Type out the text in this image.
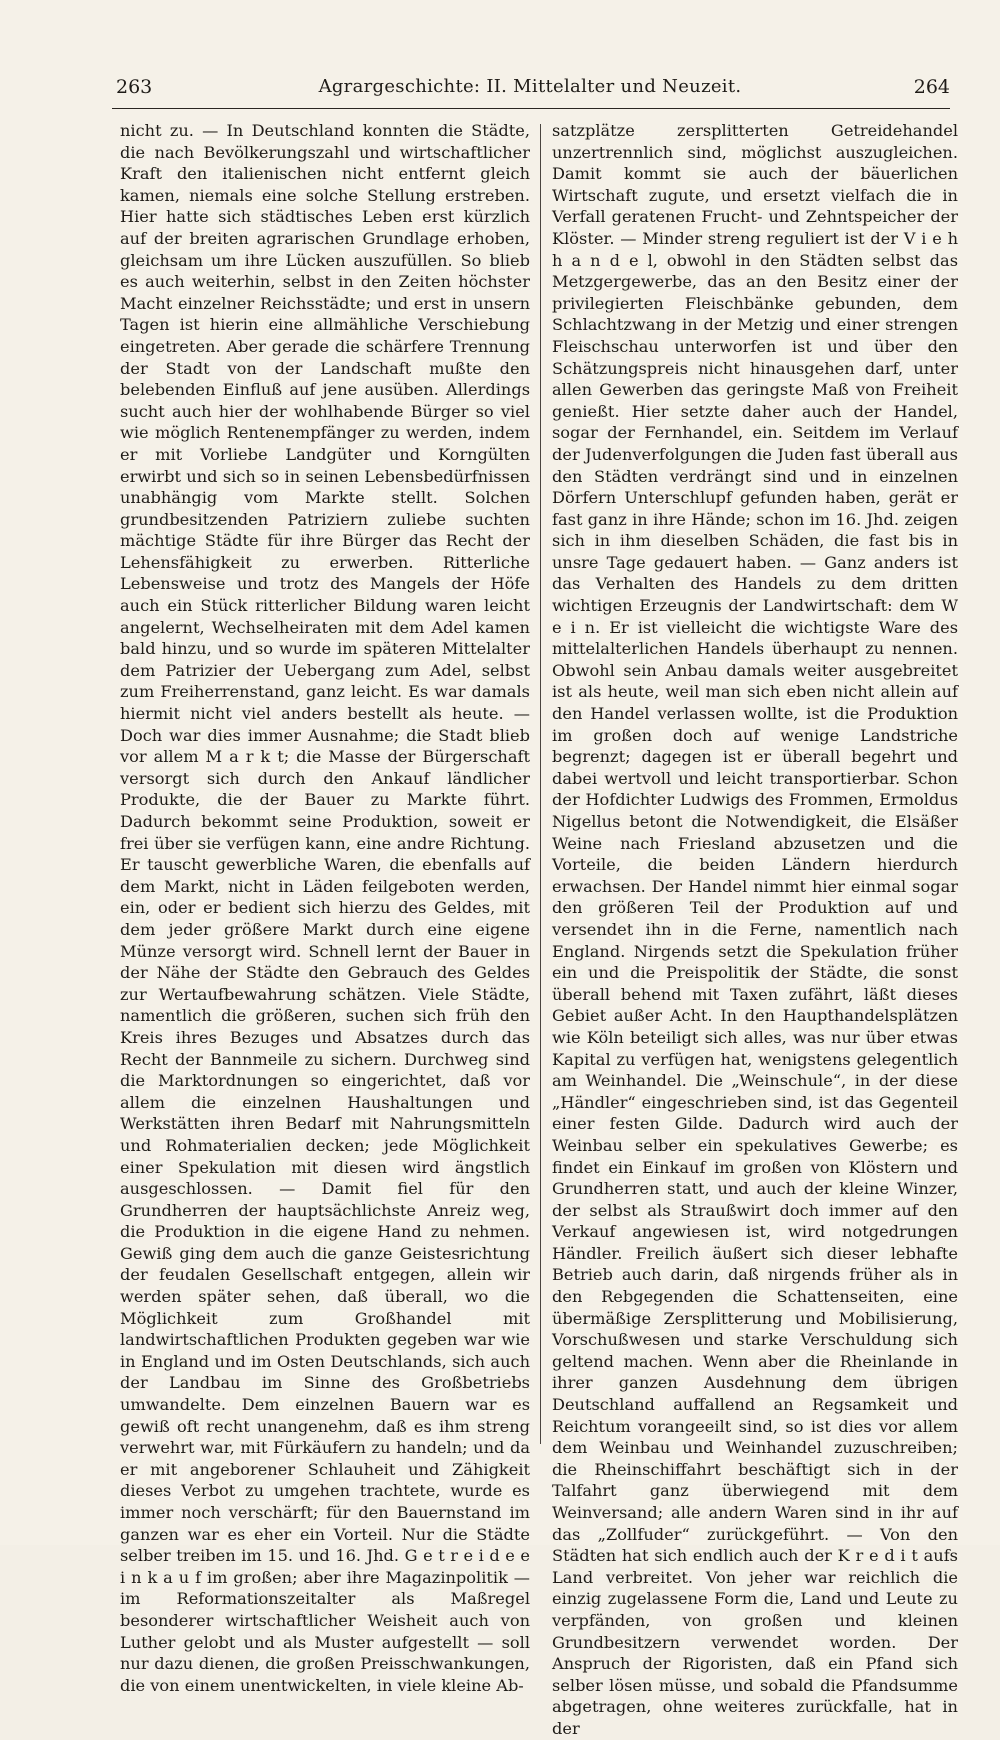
263	Agrargeschichte: II. Mittelalter und Neuzeit.	264

nicht zu. — In Deutschland konnten die Städte, die nach Bevölkerungszahl und wirtschaftlicher Kraft den italienischen nicht entfernt gleich kamen, niemals eine solche Stellung erstreben. Hier hatte sich städtisches Leben erst kürzlich auf der breiten agrarischen Grundlage erhoben, gleichsam um ihre Lücken auszufüllen. So blieb es auch weiterhin, selbst in den Zeiten höchster Macht einzelner Reichsstädte; und erst in unsern Tagen ist hierin eine allmähliche Verschiebung eingetreten. Aber gerade die schärfere Trennung der Stadt von der Landschaft mußte den belebenden Einfluß auf jene ausüben. Allerdings sucht auch hier der wohlhabende Bürger so viel wie möglich Rentenempfänger zu werden, indem er mit Vorliebe Landgüter und Korngülten erwirbt und sich so in seinen Lebensbedürfnissen unabhängig vom Markte stellt. Solchen grundbesitzenden Patriziern zuliebe suchten mächtige Städte für ihre Bürger das Recht der Lehensfähigkeit zu erwerben. Ritterliche Lebensweise und trotz des Mangels der Höfe auch ein Stück ritterlicher Bildung waren leicht angelernt, Wechselheiraten mit dem Adel kamen bald hinzu, und so wurde im späteren Mittelalter dem Patrizier der Uebergang zum Adel, selbst zum Freiherrenstand, ganz leicht. Es war damals hiermit nicht viel anders bestellt als heute. — Doch war dies immer Ausnahme; die Stadt blieb vor allem M a r k t; die Masse der Bürgerschaft versorgt sich durch den Ankauf ländlicher Produkte, die der Bauer zu Markte führt. Dadurch bekommt seine Produktion, soweit er frei über sie verfügen kann, eine andre Richtung. Er tauscht gewerbliche Waren, die ebenfalls auf dem Markt, nicht in Läden feilgeboten werden, ein, oder er bedient sich hierzu des Geldes, mit dem jeder größere Markt durch eine eigene Münze versorgt wird. Schnell lernt der Bauer in der Nähe der Städte den Gebrauch des Geldes zur Wertaufbewahrung schätzen. Viele Städte, namentlich die größeren, suchen sich früh den Kreis ihres Bezuges und Absatzes durch das Recht der Bannmeile zu sichern. Durchweg sind die Marktordnungen so eingerichtet, daß vor allem die einzelnen Haushaltungen und Werkstätten ihren Bedarf mit Nahrungsmitteln und Rohmaterialien decken; jede Möglichkeit einer Spekulation mit diesen wird ängstlich ausgeschlossen. — Damit fiel für den Grundherren der hauptsächlichste Anreiz weg, die Produktion in die eigene Hand zu nehmen. Gewiß ging dem auch die ganze Geistesrichtung der feudalen Gesellschaft entgegen, allein wir werden später sehen, daß überall, wo die Möglichkeit zum Großhandel mit landwirtschaftlichen Produkten gegeben war wie in England und im Osten Deutschlands, sich auch der Landbau im Sinne des Großbetriebs umwandelte. Dem einzelnen Bauern war es gewiß oft recht unangenehm, daß es ihm streng verwehrt war, mit Fürkäufern zu handeln; und da er mit angeborener Schlauheit und Zähigkeit dieses Verbot zu umgehen trachtete, wurde es immer noch verschärft; für den Bauernstand im ganzen war es eher ein Vorteil. Nur die Städte selber treiben im 15. und 16. Jhd. G e t r e i d e e i n k a u f im großen; aber ihre Magazinpolitik — im Reformationszeitalter als Maßregel besonderer wirtschaftlicher Weisheit auch von Luther gelobt und als Muster aufgestellt — soll nur dazu dienen, die großen Preisschwankungen, die von einem unentwickelten, in viele kleine Ab-

satzplätze zersplitterten Getreidehandel unzertrennlich sind, möglichst auszugleichen. Damit kommt sie auch der bäuerlichen Wirtschaft zugute, und ersetzt vielfach die in Verfall geratenen Frucht- und Zehntspeicher der Klöster. — Minder streng reguliert ist der V i e h h a n d e l, obwohl in den Städten selbst das Metzgergewerbe, das an den Besitz einer der privilegierten Fleischbänke gebunden, dem Schlachtzwang in der Metzig und einer strengen Fleischschau unterworfen ist und über den Schätzungspreis nicht hinausgehen darf, unter allen Gewerben das geringste Maß von Freiheit genießt. Hier setzte daher auch der Handel, sogar der Fernhandel, ein. Seitdem im Verlauf der Judenverfolgungen die Juden fast überall aus den Städten verdrängt sind und in einzelnen Dörfern Unterschlupf gefunden haben, gerät er fast ganz in ihre Hände; schon im 16. Jhd. zeigen sich in ihm dieselben Schäden, die fast bis in unsre Tage gedauert haben. — Ganz anders ist das Verhalten des Handels zu dem dritten wichtigen Erzeugnis der Landwirtschaft: dem W e i n. Er ist vielleicht die wichtigste Ware des mittelalterlichen Handels überhaupt zu nennen. Obwohl sein Anbau damals weiter ausgebreitet ist als heute, weil man sich eben nicht allein auf den Handel verlassen wollte, ist die Produktion im großen doch auf wenige Landstriche begrenzt; dagegen ist er überall begehrt und dabei wertvoll und leicht transportierbar. Schon der Hofdichter Ludwigs des Frommen, Ermoldus Nigellus betont die Notwendigkeit, die Elsäßer Weine nach Friesland abzusetzen und die Vorteile, die beiden Ländern hierdurch erwachsen. Der Handel nimmt hier einmal sogar den größeren Teil der Produktion auf und versendet ihn in die Ferne, namentlich nach England. Nirgends setzt die Spekulation früher ein und die Preispolitik der Städte, die sonst überall behend mit Taxen zufährt, läßt dieses Gebiet außer Acht. In den Haupthandelsplätzen wie Köln beteiligt sich alles, was nur über etwas Kapital zu verfügen hat, wenigstens gelegentlich am Weinhandel. Die „Weinschule“, in der diese „Händler“ eingeschrieben sind, ist das Gegenteil einer festen Gilde. Dadurch wird auch der Weinbau selber ein spekulatives Gewerbe; es findet ein Einkauf im großen von Klöstern und Grundherren statt, und auch der kleine Winzer, der selbst als Straußwirt doch immer auf den Verkauf angewiesen ist, wird notgedrungen Händler. Freilich äußert sich dieser lebhafte Betrieb auch darin, daß nirgends früher als in den Rebgegenden die Schattenseiten, eine übermäßige Zersplitterung und Mobilisierung, Vorschußwesen und starke Verschuldung sich geltend machen. Wenn aber die Rheinlande in ihrer ganzen Ausdehnung dem übrigen Deutschland auffallend an Regsamkeit und Reichtum vorangeeilt sind, so ist dies vor allem dem Weinbau und Weinhandel zuzuschreiben; die Rheinschiffahrt beschäftigt sich in der Talfahrt ganz überwiegend mit dem Weinversand; alle andern Waren sind in ihr auf das „Zollfuder“ zurückgeführt. — Von den Städten hat sich endlich auch der K r e d i t aufs Land verbreitet. Von jeher war reichlich die einzig zugelassene Form die, Land und Leute zu verpfänden, von großen und kleinen Grundbesitzern verwendet worden. Der Anspruch der Rigoristen, daß ein Pfand sich selber lösen müsse, und sobald die Pfandsumme abgetragen, ohne weiteres zurückfalle, hat in der
